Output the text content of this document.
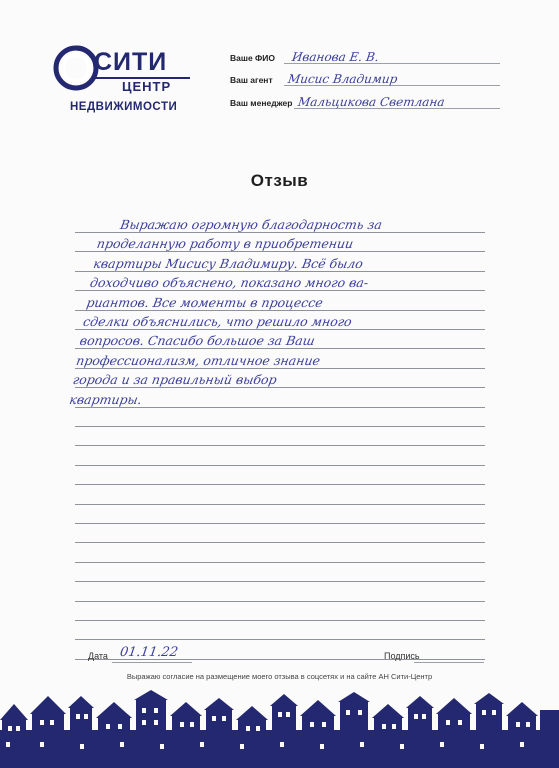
СИТИ
ЦЕНТР
НЕДВИЖИМОСТИ
Ваше ФИО Иванова Е. В.
Ваш агент Мисис Владимир
Ваш менеджер Мальцикова Светлана
Отзыв
Выражаю огромную благодарность за
проделанную работу в приобретении
квартиры Мисису Владимиру. Всё было
доходчиво объяснено, показано много ва-
риантов. Все моменты в процессе
сделки объяснились, что решило много
вопросов. Спасибо большое за Ваш
профессионализм, отличное знание
города и за правильный выбор
квартиры.
Дата 01.11.22	Подпись
Выражаю согласие на размещение моего отзыва в соцсетях и на сайте АН Сити-Центр
